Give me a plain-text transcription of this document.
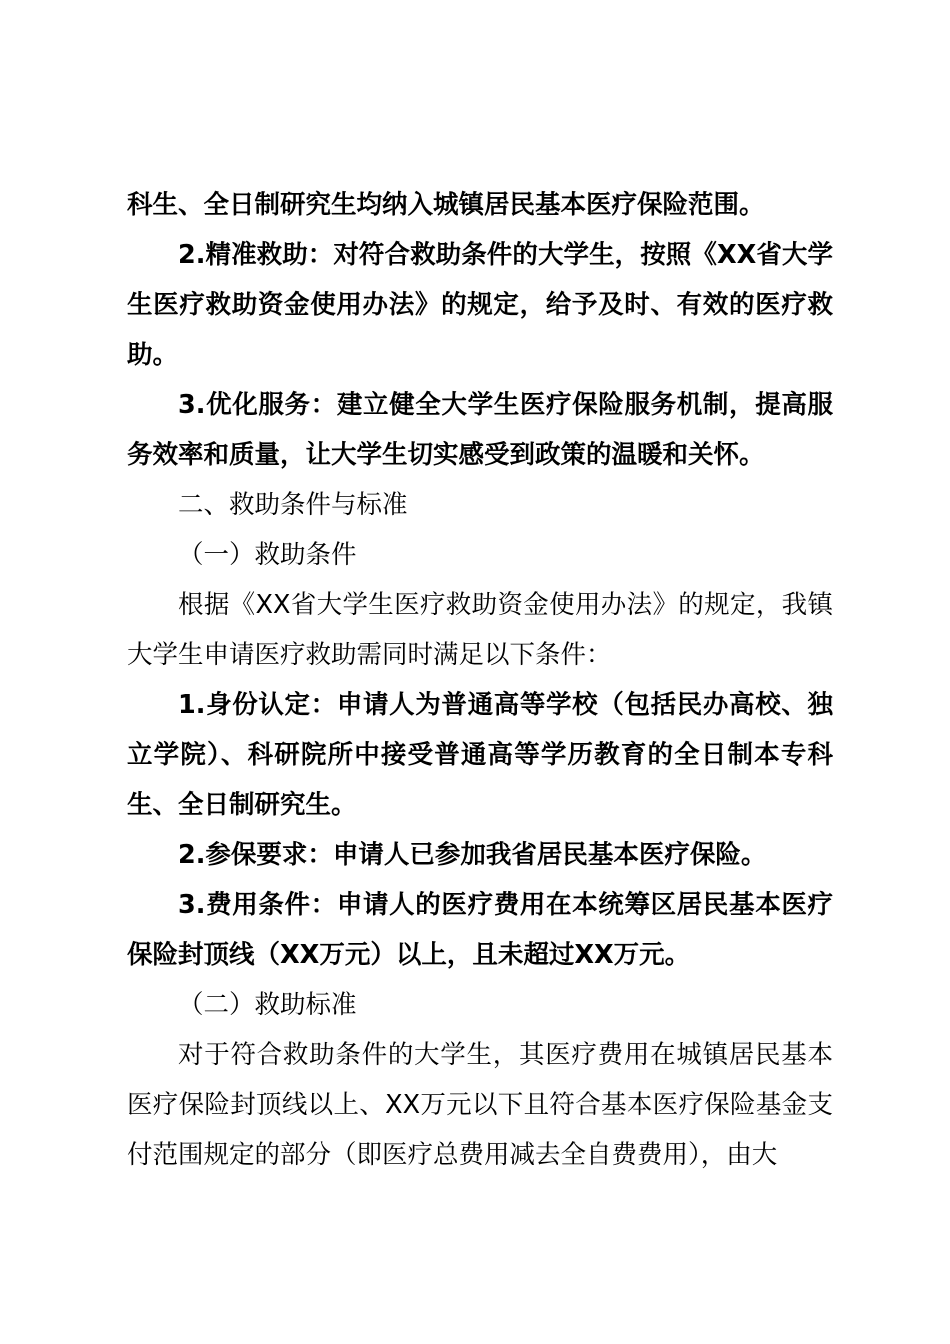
科生、全日制研究生均纳入城镇居民基本医疗保险范围。

2.精准救助：对符合救助条件的大学生，按照《XX省大学生医疗救助资金使用办法》的规定，给予及时、有效的医疗救助。

3.优化服务：建立健全大学生医疗保险服务机制，提高服务效率和质量，让大学生切实感受到政策的温暖和关怀。

二、救助条件与标准

（一）救助条件

根据《XX省大学生医疗救助资金使用办法》的规定，我镇大学生申请医疗救助需同时满足以下条件：

1.身份认定：申请人为普通高等学校（包括民办高校、独立学院）、科研院所中接受普通高等学历教育的全日制本专科生、全日制研究生。

2.参保要求：申请人已参加我省居民基本医疗保险。

3.费用条件：申请人的医疗费用在本统筹区居民基本医疗保险封顶线（XX万元）以上，且未超过XX万元。

（二）救助标准

对于符合救助条件的大学生，其医疗费用在城镇居民基本医疗保险封顶线以上、XX万元以下且符合基本医疗保险基金支付范围规定的部分（即医疗总费用减去全自费费用），由大
